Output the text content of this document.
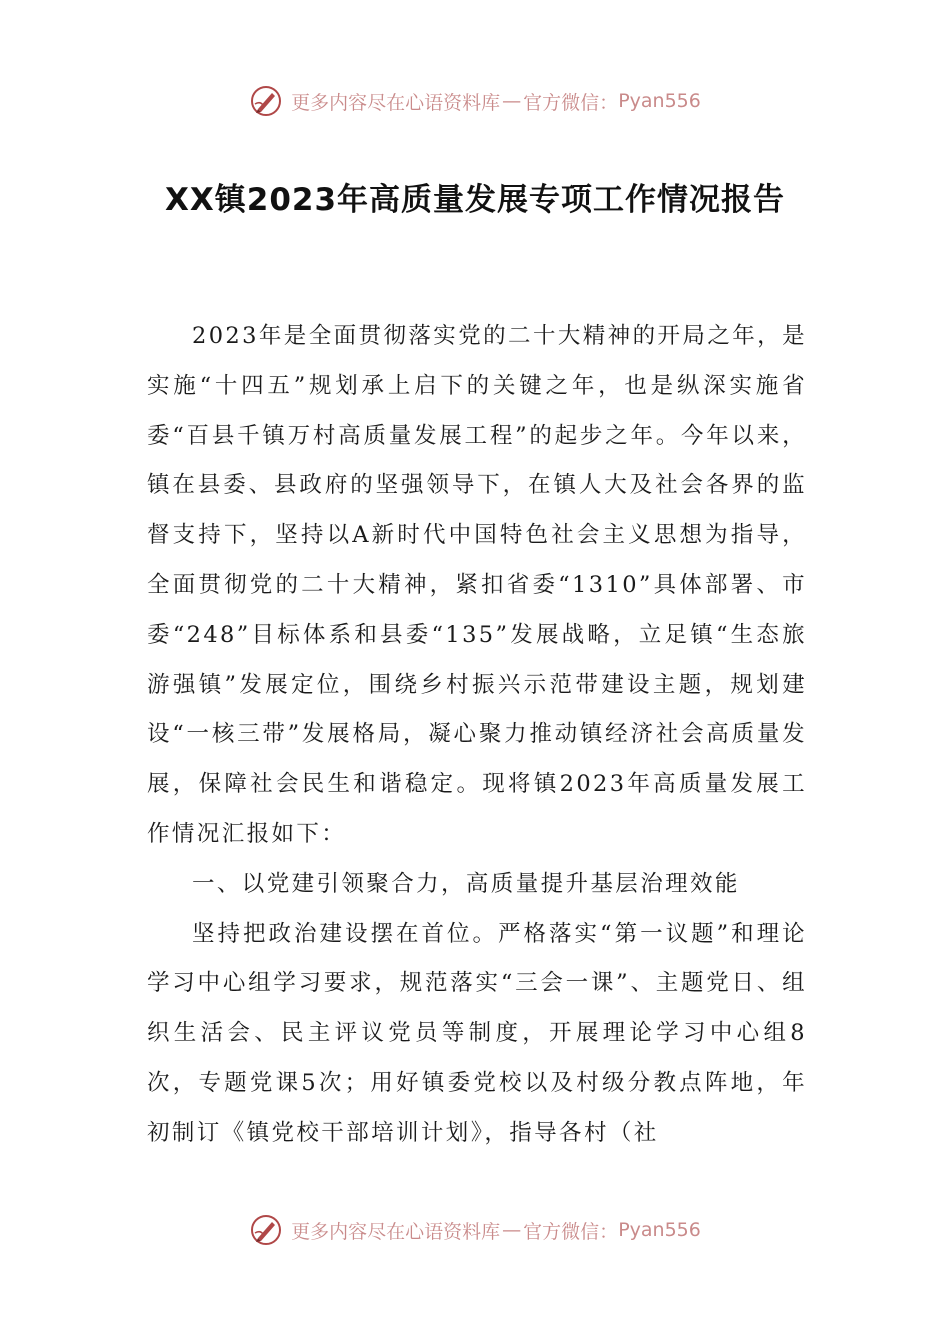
更多内容尽在心语资料库 — 官方微信： Pyan556
XX镇2023年高质量发展专项工作情况报告

2023年是全面贯彻落实党的二十大精神的开局之年，是实施“十四五”规划承上启下的关键之年，也是纵深实施省委“百县千镇万村高质量发展工程”的起步之年。今年以来，镇在县委、县政府的坚强领导下，在镇人大及社会各界的监督支持下，坚持以A新时代中国特色社会主义思想为指导，全面贯彻党的二十大精神，紧扣省委“1310”具体部署、市委“248”目标体系和县委“135”发展战略，立足镇“生态旅游强镇”发展定位，围绕乡村振兴示范带建设主题，规划建设“一核三带”发展格局，凝心聚力推动镇经济社会高质量发展，保障社会民生和谐稳定。现将镇2023年高质量发展工作情况汇报如下：

一、以党建引领聚合力，高质量提升基层治理效能

坚持把政治建设摆在首位。严格落实“第一议题”和理论学习中心组学习要求，规范落实“三会一课”、主题党日、组织生活会、民主评议党员等制度，开展理论学习中心组8次，专题党课5次；用好镇委党校以及村级分教点阵地，年初制订《镇党校干部培训计划》，指导各村（社

更多内容尽在心语资料库 — 官方微信： Pyan556
